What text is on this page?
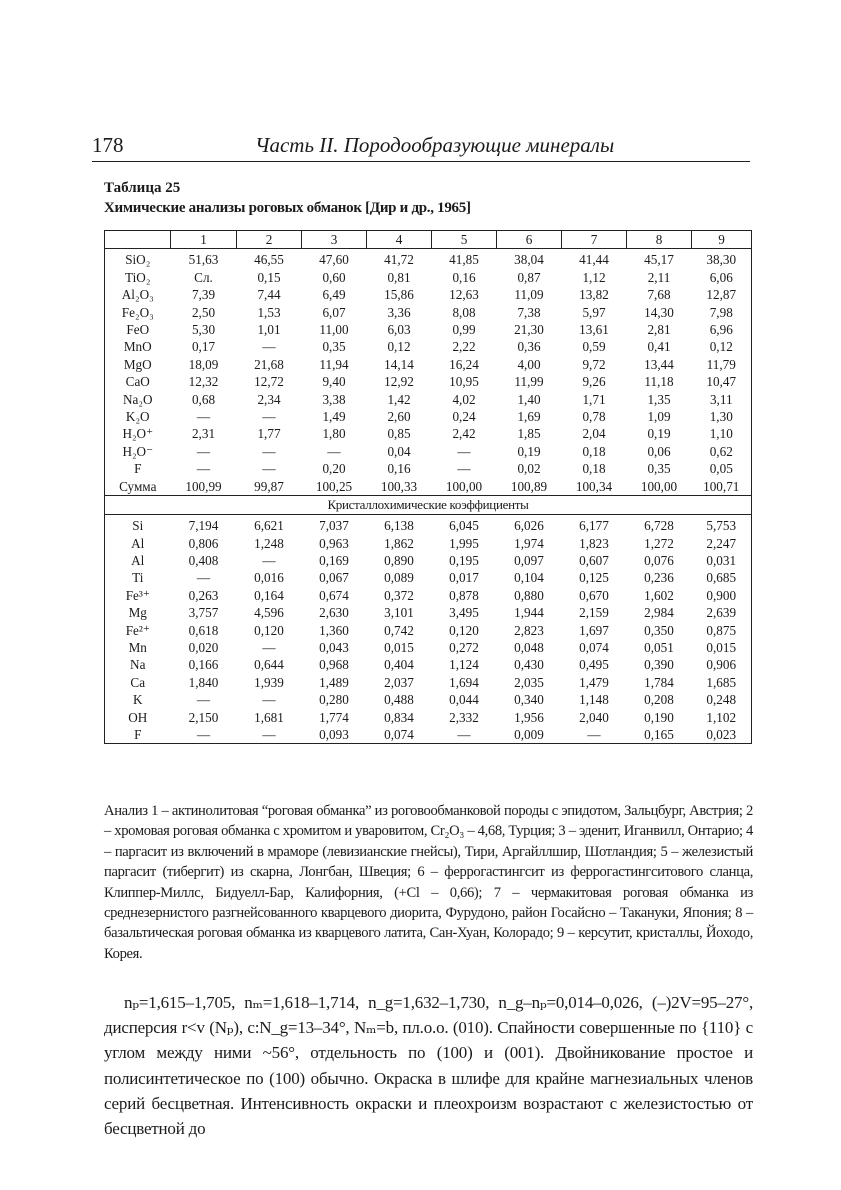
178	Часть II. Породообразующие минералы
Таблица 25
Химические анализы роговых обманок [Дир и др., 1965]
	1	2	3	4	5	6	7	8	9
SiO₂	51,63	46,55	47,60	41,72	41,85	38,04	41,44	45,17	38,30
TiO₂	Сл.	0,15	0,60	0,81	0,16	0,87	1,12	2,11	6,06
Al₂O₃	7,39	7,44	6,49	15,86	12,63	11,09	13,82	7,68	12,87
Fe₂O₃	2,50	1,53	6,07	3,36	8,08	7,38	5,97	14,30	7,98
FeO	5,30	1,01	11,00	6,03	0,99	21,30	13,61	2,81	6,96
MnO	0,17	—	0,35	0,12	2,22	0,36	0,59	0,41	0,12
MgO	18,09	21,68	11,94	14,14	16,24	4,00	9,72	13,44	11,79
CaO	12,32	12,72	9,40	12,92	10,95	11,99	9,26	11,18	10,47
Na₂O	0,68	2,34	3,38	1,42	4,02	1,40	1,71	1,35	3,11
K₂O	—	—	1,49	2,60	0,24	1,69	0,78	1,09	1,30
H₂O⁺	2,31	1,77	1,80	0,85	2,42	1,85	2,04	0,19	1,10
H₂O⁻	—	—	—	0,04	—	0,19	0,18	0,06	0,62
F	—	—	0,20	0,16	—	0,02	0,18	0,35	0,05
Сумма	100,99	99,87	100,25	100,33	100,00	100,89	100,34	100,00	100,71
Кристаллохимические коэффициенты									
Si	7,194	6,621	7,037	6,138	6,045	6,026	6,177	6,728	5,753
Al	0,806	1,248	0,963	1,862	1,995	1,974	1,823	1,272	2,247
Al	0,408	—	0,169	0,890	0,195	0,097	0,607	0,076	0,031
Ti	—	0,016	0,067	0,089	0,017	0,104	0,125	0,236	0,685
Fe³⁺	0,263	0,164	0,674	0,372	0,878	0,880	0,670	1,602	0,900
Mg	3,757	4,596	2,630	3,101	3,495	1,944	2,159	2,984	2,639
Fe²⁺	0,618	0,120	1,360	0,742	0,120	2,823	1,697	0,350	0,875
Mn	0,020	—	0,043	0,015	0,272	0,048	0,074	0,051	0,015
Na	0,166	0,644	0,968	0,404	1,124	0,430	0,495	0,390	0,906
Ca	1,840	1,939	1,489	2,037	1,694	2,035	1,479	1,784	1,685
K	—	—	0,280	0,488	0,044	0,340	1,148	0,208	0,248
OH	2,150	1,681	1,774	0,834	2,332	1,956	2,040	0,190	1,102
F	—	—	0,093	0,074	—	0,009	—	0,165	0,023

Анализ 1 – актинолитовая “роговая обманка” из роговообманковой породы с эпидотом, Зальцбург, Австрия; 2 – хромовая роговая обманка с хромитом и уваровитом, Cr₂O₃ – 4,68, Турция; 3 – эденит, Иганвилл, Онтарио; 4 – паргасит из включений в мраморе (левизианские гнейсы), Тири, Аргайллшир, Шотландия; 5 – железистый паргасит (тибергит) из скарна, Лонгбан, Швеция; 6 – феррогастингсит из феррогастингситового сланца, Клиппер-Миллс, Бидуелл-Бар, Калифорния, (+Cl – 0,66); 7 – чермакитовая роговая обманка из среднезернистого разгнейсованного кварцевого диорита, Фурудоно, район Госайсно – Такануки, Япония; 8 – базальтическая роговая обманка из кварцевого латита, Сан-Хуан, Колорадо; 9 – керсутит, кристаллы, Йоходо, Корея.

nₚ=1,615–1,705, nₘ=1,618–1,714, n_g=1,632–1,730, n_g–nₚ=0,014–0,026, (–)2V=95–27°, дисперсия r<v (Nₚ), c:N_g=13–34°, Nₘ=b, пл.о.о. (010). Спайности совершенные по {110} с углом между ними ~56°, отдельность по (100) и (001). Двойникование простое и полисинтетическое по (100) обычно. Окраска в шлифе для крайне магнезиальных членов серий бесцветная. Интенсивность окраски и плеохроизм возрастают с железистостью от бесцветной до
